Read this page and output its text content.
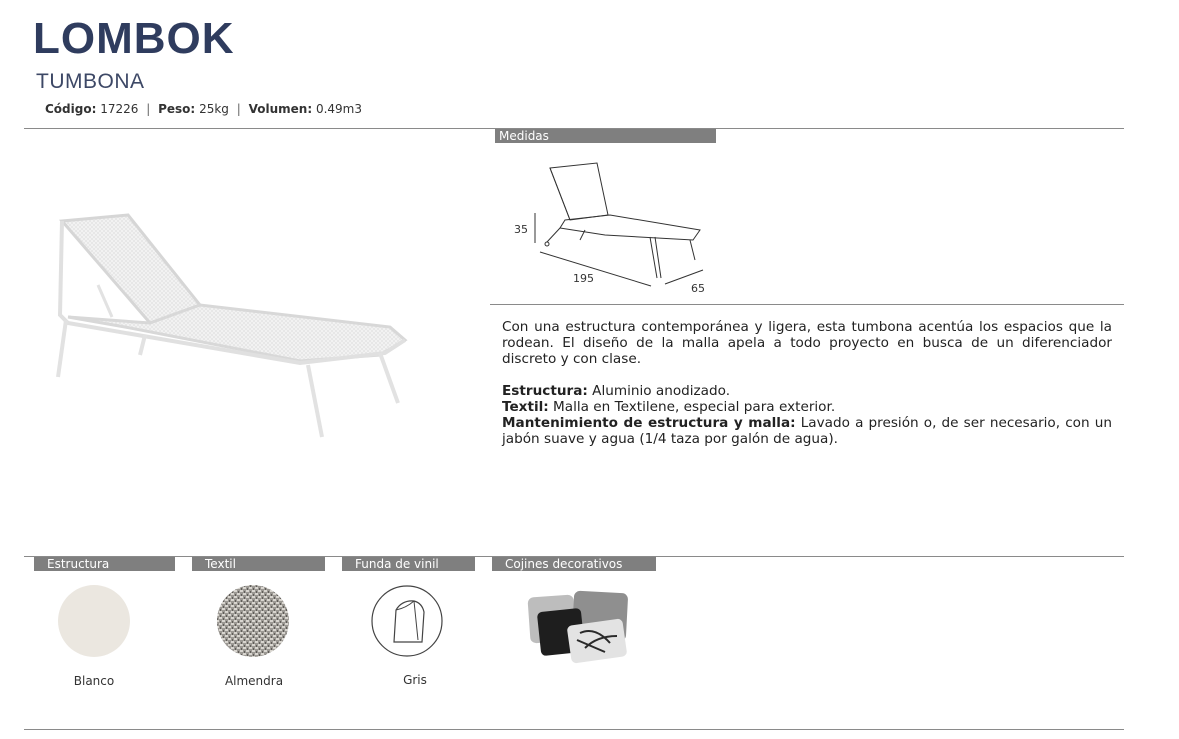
LOMBOK
TUMBONA
Código: 17226 | Peso: 25kg | Volumen: 0.49m3
Medidas
35
195
65

Con una estructura contemporánea y ligera, esta tumbona acentúa los espacios que la rodean. El diseño de la malla apela a todo proyecto en busca de un diferenciador discreto y con clase.

Estructura: Aluminio anodizado.
Textil: Malla en Textilene, especial para exterior.
Mantenimiento de estructura y malla: Lavado a presión o, de ser necesario, con un jabón suave y agua (1/4 taza por galón de agua).
Estructura	Textil	Funda de vinil	Cojines decorativos
Blanco	Almendra	Gris
